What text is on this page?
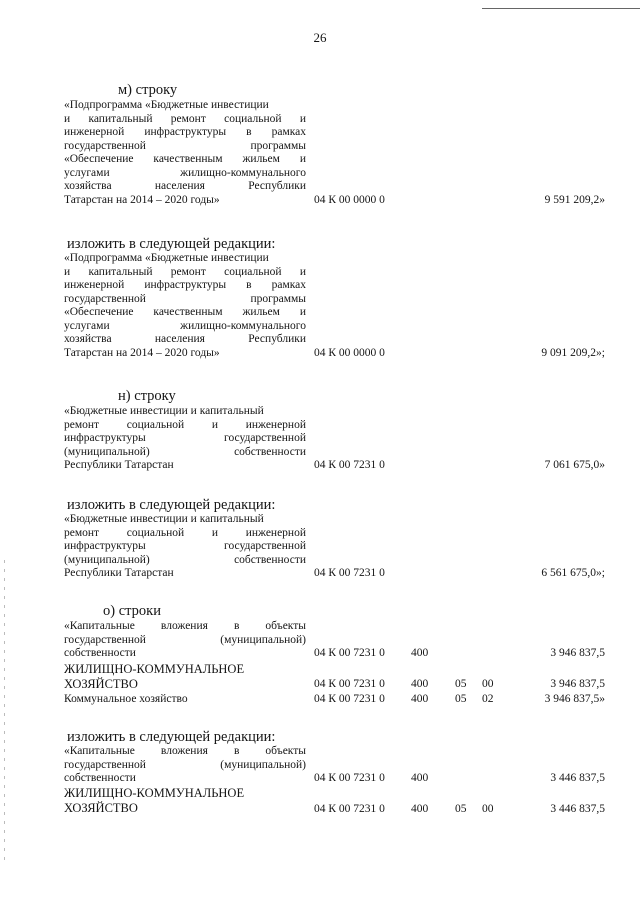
26
м) строку
«Подпрограмма «Бюджетные инвестиции
и капитальный ремонт социальной и
инженерной инфраструктуры в рамках
государственной программы
«Обеспечение качественным жильем и
услугами жилищно-коммунального
хозяйства населения Республики
Татарстан на 2014 – 2020 годы»	04 К 00 0000 0	9 591 209,2»
изложить в следующей редакции:
«Подпрограмма «Бюджетные инвестиции
и капитальный ремонт социальной и
инженерной инфраструктуры в рамках
государственной программы
«Обеспечение качественным жильем и
услугами жилищно-коммунального
хозяйства населения Республики
Татарстан на 2014 – 2020 годы»	04 К 00 0000 0	9 091 209,2»;
н) строку
«Бюджетные инвестиции и капитальный
ремонт социальной и инженерной
инфраструктуры государственной
(муниципальной) собственности
Республики Татарстан	04 К 00 7231 0	7 061 675,0»
изложить в следующей редакции:
«Бюджетные инвестиции и капитальный
ремонт социальной и инженерной
инфраструктуры государственной
(муниципальной) собственности
Республики Татарстан	04 К 00 7231 0	6 561 675,0»;
о) строки
«Капитальные вложения в объекты
государственной (муниципальной)
собственности	04 К 00 7231 0 400	3 946 837,5
ЖИЛИЩНО-КОММУНАЛЬНОЕ
ХОЗЯЙСТВО	04 К 00 7231 0 400 05 00	3 946 837,5
Коммунальное хозяйство	04 К 00 7231 0 400 05 02	3 946 837,5»
изложить в следующей редакции:
«Капитальные вложения в объекты
государственной (муниципальной)
собственности	04 К 00 7231 0 400	3 446 837,5
ЖИЛИЩНО-КОММУНАЛЬНОЕ
ХОЗЯЙСТВО	04 К 00 7231 0 400 05 00	3 446 837,5
